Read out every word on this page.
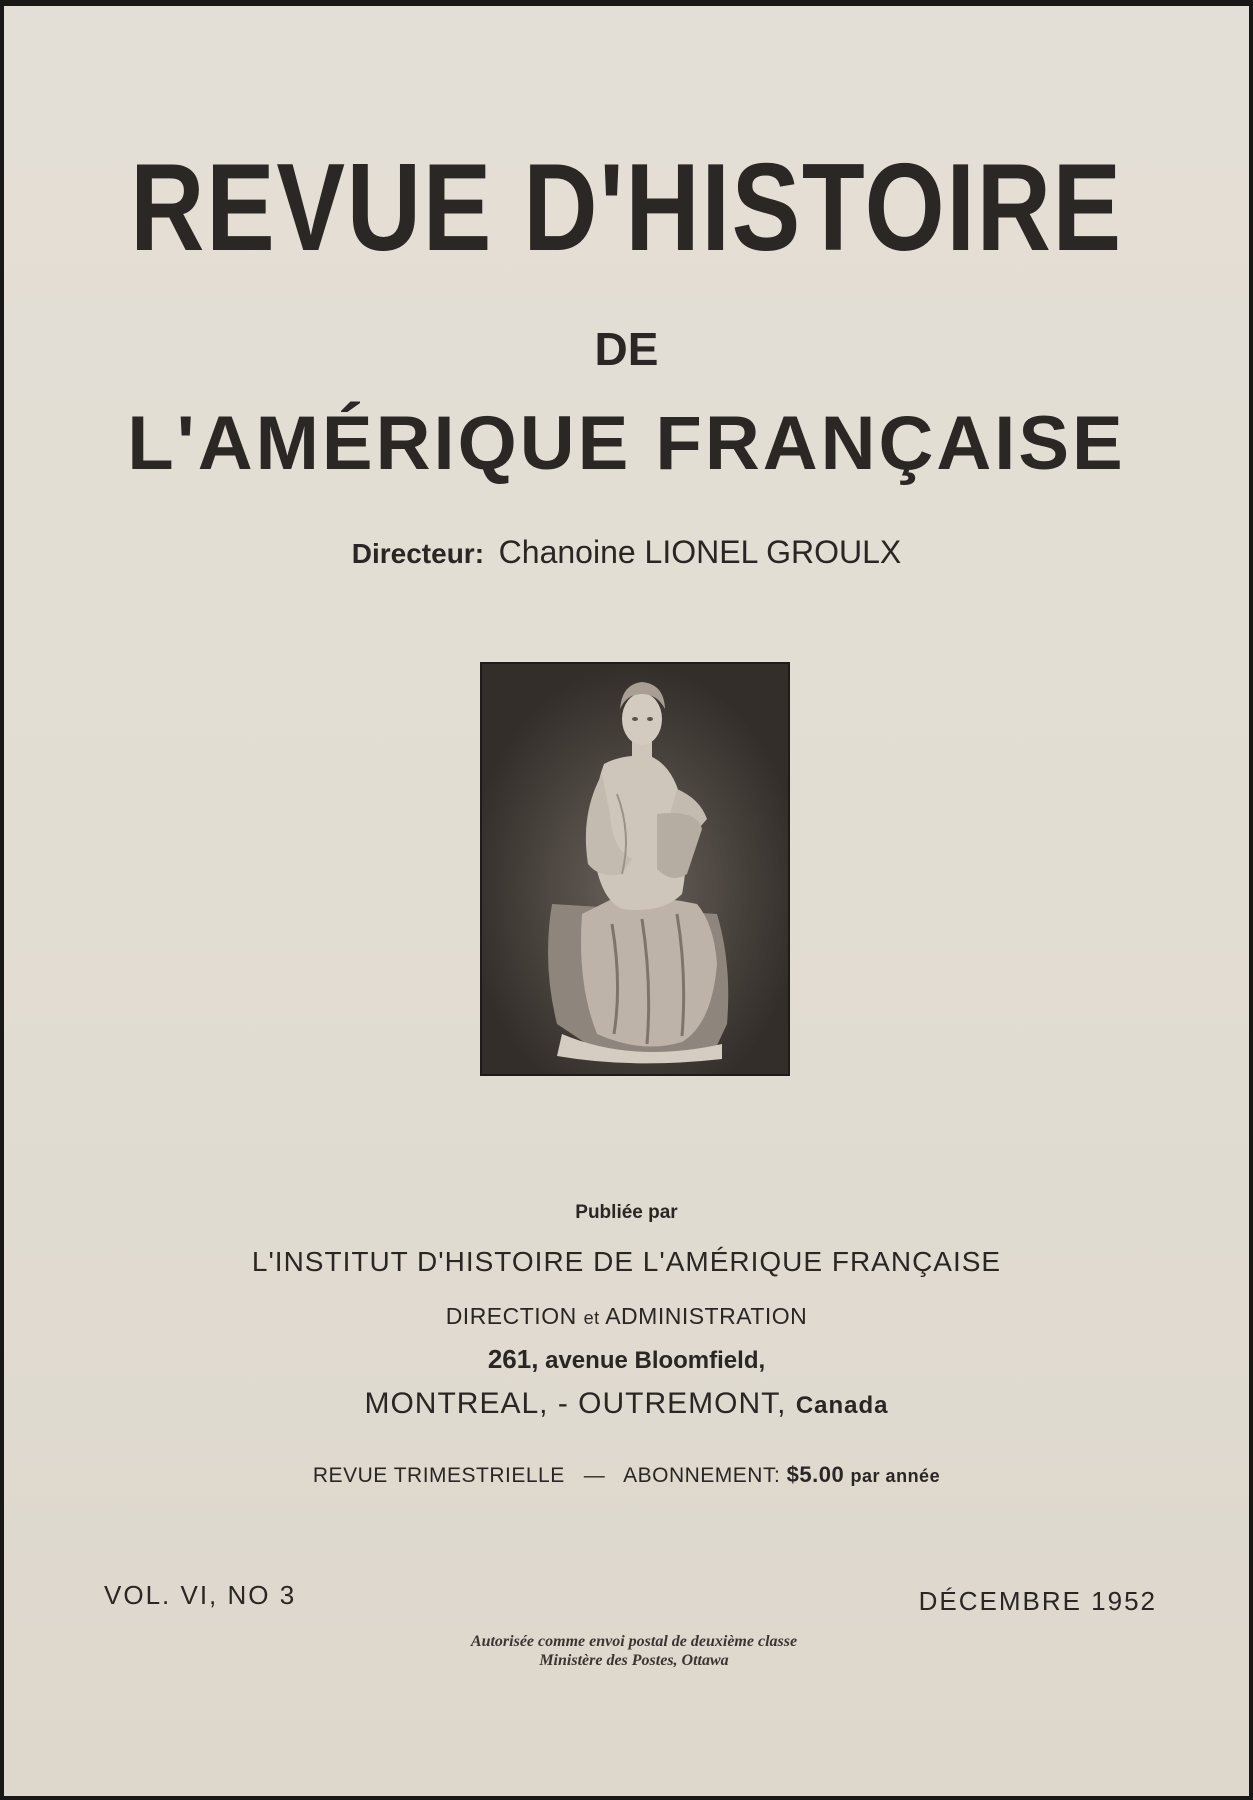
REVUE D'HISTOIRE
DE
L'AMÉRIQUE FRANÇAISE
Directeur: Chanoine LIONEL GROULX
Publiée par
L'INSTITUT D'HISTOIRE DE L'AMÉRIQUE FRANÇAISE
DIRECTION et ADMINISTRATION
261, avenue Bloomfield,
MONTREAL, - OUTREMONT, Canada
REVUE TRIMESTRIELLE — ABONNEMENT: $5.00 par année
VOL. VI, NO 3	DÉCEMBRE 1952
Autorisée comme envoi postal de deuxième classe
Ministère des Postes, Ottawa
